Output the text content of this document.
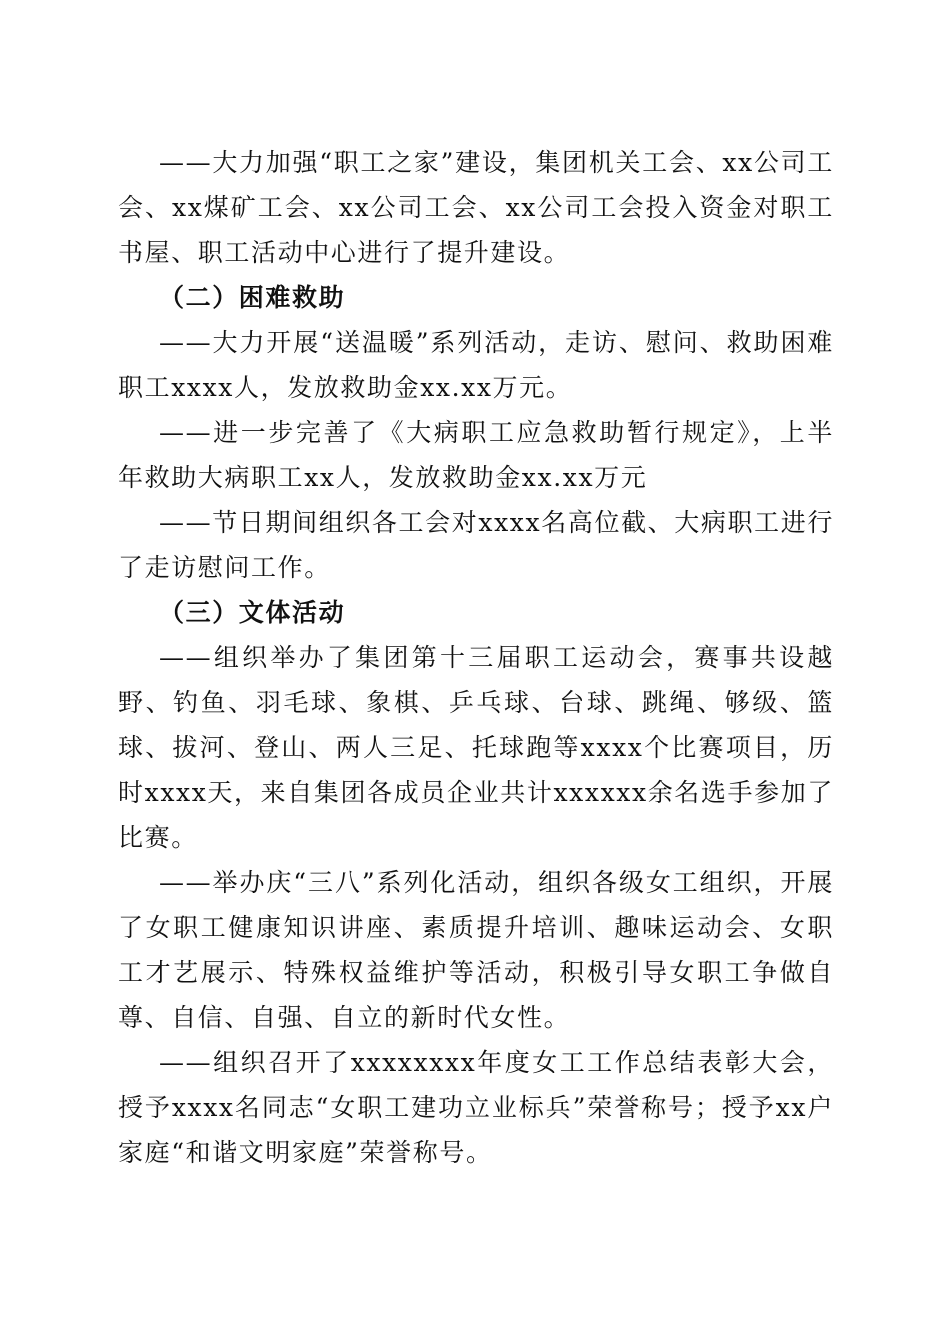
——大力加强“职工之家”建设，集团机关工会、xx公司工会、xx煤矿工会、xx公司工会、xx公司工会投入资金对职工书屋、职工活动中心进行了提升建设。

（二）困难救助

——大力开展“送温暖”系列活动，走访、慰问、救助困难职工xxxx人，发放救助金xx.xx万元。

——进一步完善了《大病职工应急救助暂行规定》，上半年救助大病职工xx人，发放救助金xx.xx万元

——节日期间组织各工会对xxxx名高位截、大病职工进行了走访慰问工作。

（三）文体活动

——组织举办了集团第十三届职工运动会，赛事共设越野、钓鱼、羽毛球、象棋、乒乓球、台球、跳绳、够级、篮球、拔河、登山、两人三足、托球跑等xxxx个比赛项目，历时xxxx天，来自集团各成员企业共计xxxxxx余名选手参加了比赛。

——举办庆“三八”系列化活动，组织各级女工组织，开展了女职工健康知识讲座、素质提升培训、趣味运动会、女职工才艺展示、特殊权益维护等活动，积极引导女职工争做自尊、自信、自强、自立的新时代女性。

——组织召开了xxxxxxxx年度女工工作总结表彰大会，授予xxxx名同志“女职工建功立业标兵”荣誉称号；授予xx户家庭“和谐文明家庭”荣誉称号。
